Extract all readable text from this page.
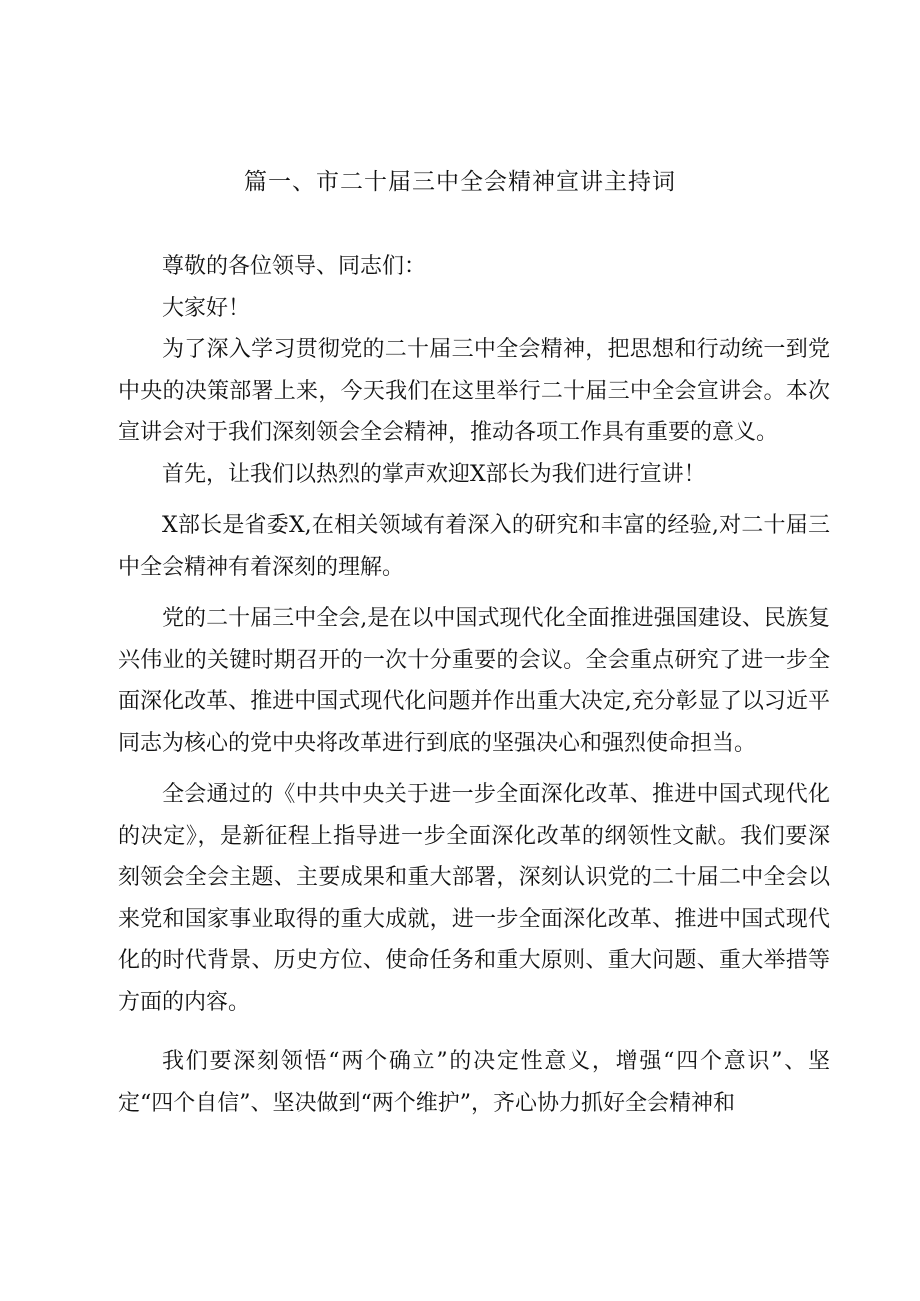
篇一、市二十届三中全会精神宣讲主持词

尊敬的各位领导、同志们：

大家好！

为了深入学习贯彻党的二十届三中全会精神，把思想和行动统一到党中央的决策部署上来，今天我们在这里举行二十届三中全会宣讲会。本次宣讲会对于我们深刻领会全会精神，推动各项工作具有重要的意义。

首先，让我们以热烈的掌声欢迎X部长为我们进行宣讲！

X部长是省委X,在相关领域有着深入的研究和丰富的经验,对二十届三中全会精神有着深刻的理解。

党的二十届三中全会,是在以中国式现代化全面推进强国建设、民族复兴伟业的关键时期召开的一次十分重要的会议。全会重点研究了进一步全面深化改革、推进中国式现代化问题并作出重大决定,充分彰显了以习近平同志为核心的党中央将改革进行到底的坚强决心和强烈使命担当。

全会通过的《中共中央关于进一步全面深化改革、推进中国式现代化的决定》，是新征程上指导进一步全面深化改革的纲领性文献。我们要深刻领会全会主题、主要成果和重大部署，深刻认识党的二十届二中全会以来党和国家事业取得的重大成就，进一步全面深化改革、推进中国式现代化的时代背景、历史方位、使命任务和重大原则、重大问题、重大举措等方面的内容。

我们要深刻领悟“两个确立”的决定性意义，增强“四个意识”、坚定“四个自信”、坚决做到“两个维护”，齐心协力抓好全会精神和
